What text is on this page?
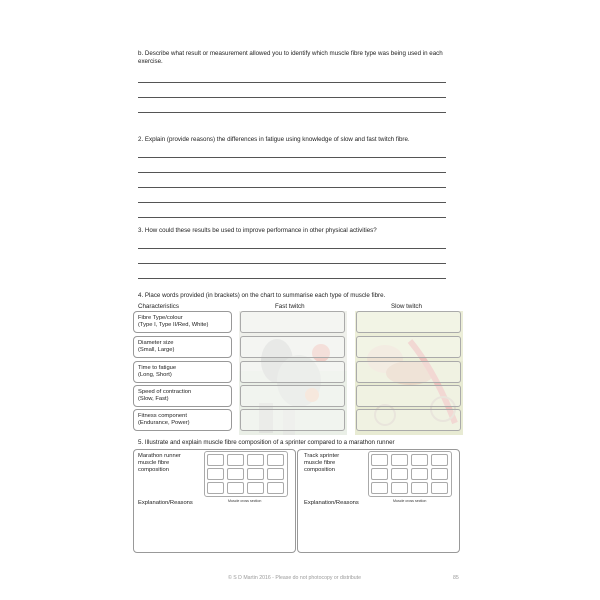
b. Describe what result or measurement allowed you to identify which muscle fibre type was being used in each exercise.
2. Explain (provide reasons) the differences in fatigue using knowledge of slow and fast twitch fibre.
3. How could these results be used to improve performance in other physical activities?
4. Place words provided (in brackets) on the chart to summarise each type of muscle fibre.
Characteristics	Fast twitch	Slow twitch
Fibre Type/colour
(Type I, Type II/Red, White)
Diameter size
(Small, Large)
Time to fatigue
(Long, Short)
Speed of contraction
(Slow, Fast)
Fitness component
(Endurance, Power)
5. Illustrate and explain muscle fibre composition of a sprinter compared to a marathon runner
Marathon runner
muscle fibre
composition
Muscle cross section
Explanation/Reasons
Track sprinter
muscle fibre
composition
Muscle cross section
Explanation/Reasons
© S D Martin 2016 - Please do not photocopy or distribute	85
